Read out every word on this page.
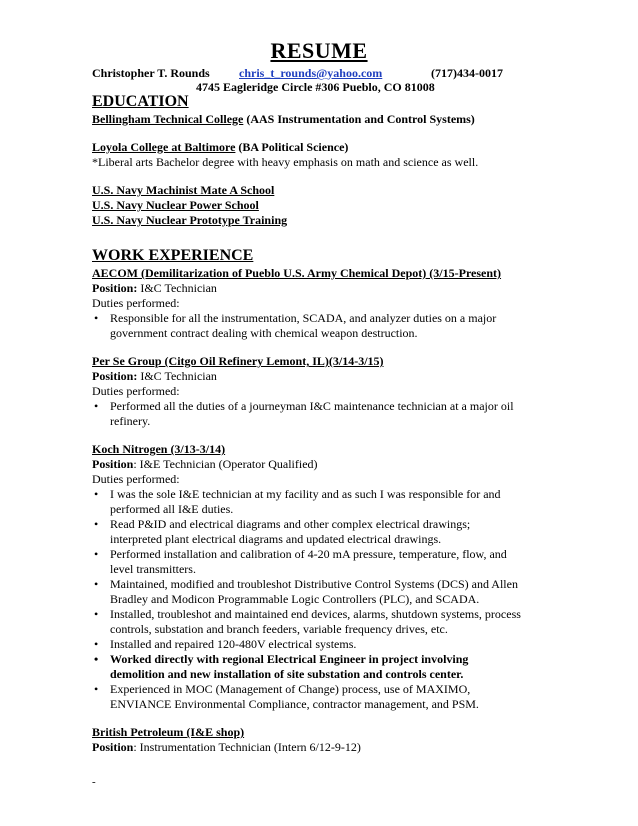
RESUME
Christopher T. Rounds chris_t_rounds@yahoo.com	(717)434-0017
4745 Eagleridge Circle #306 Pueblo, CO 81008

EDUCATION

Bellingham Technical College (AAS Instrumentation and Control Systems)

Loyola College at Baltimore (BA Political Science)

*Liberal arts Bachelor degree with heavy emphasis on math and science as well.

U.S. Navy Machinist Mate A School

U.S. Navy Nuclear Power School

U.S. Navy Nuclear Prototype Training

WORK EXPERIENCE

AECOM (Demilitarization of Pueblo U.S. Army Chemical Depot) (3/15-Present)

Position: I&C Technician

Duties performed:

• Responsible for all the instrumentation, SCADA, and analyzer duties on a major
government contract dealing with chemical weapon destruction.

Per Se Group (Citgo Oil Refinery Lemont, IL)(3/14-3/15)

Position: I&C Technician

Duties performed:

• Performed all the duties of a journeyman I&C maintenance technician at a major oil
refinery.

Koch Nitrogen (3/13-3/14)

Position: I&E Technician (Operator Qualified)

Duties performed:

• I was the sole I&E technician at my facility and as such I was responsible for and
performed all I&E duties.
• Read P&ID and electrical diagrams and other complex electrical drawings;
interpreted plant electrical diagrams and updated electrical drawings.
• Performed installation and calibration of 4-20 mA pressure, temperature, flow, and
level transmitters.
• Maintained, modified and troubleshot Distributive Control Systems (DCS) and Allen
Bradley and Modicon Programmable Logic Controllers (PLC), and SCADA.
• Installed, troubleshot and maintained end devices, alarms, shutdown systems, process
controls, substation and branch feeders, variable frequency drives, etc.
• Installed and repaired 120-480V electrical systems.
• Worked directly with regional Electrical Engineer in project involving
demolition and new installation of site substation and controls center.
• Experienced in MOC (Management of Change) process, use of MAXIMO,
ENVIANCE Environmental Compliance, contractor management, and PSM.

British Petroleum (I&E shop)

Position: Instrumentation Technician (Intern 6/12-9-12)

-
